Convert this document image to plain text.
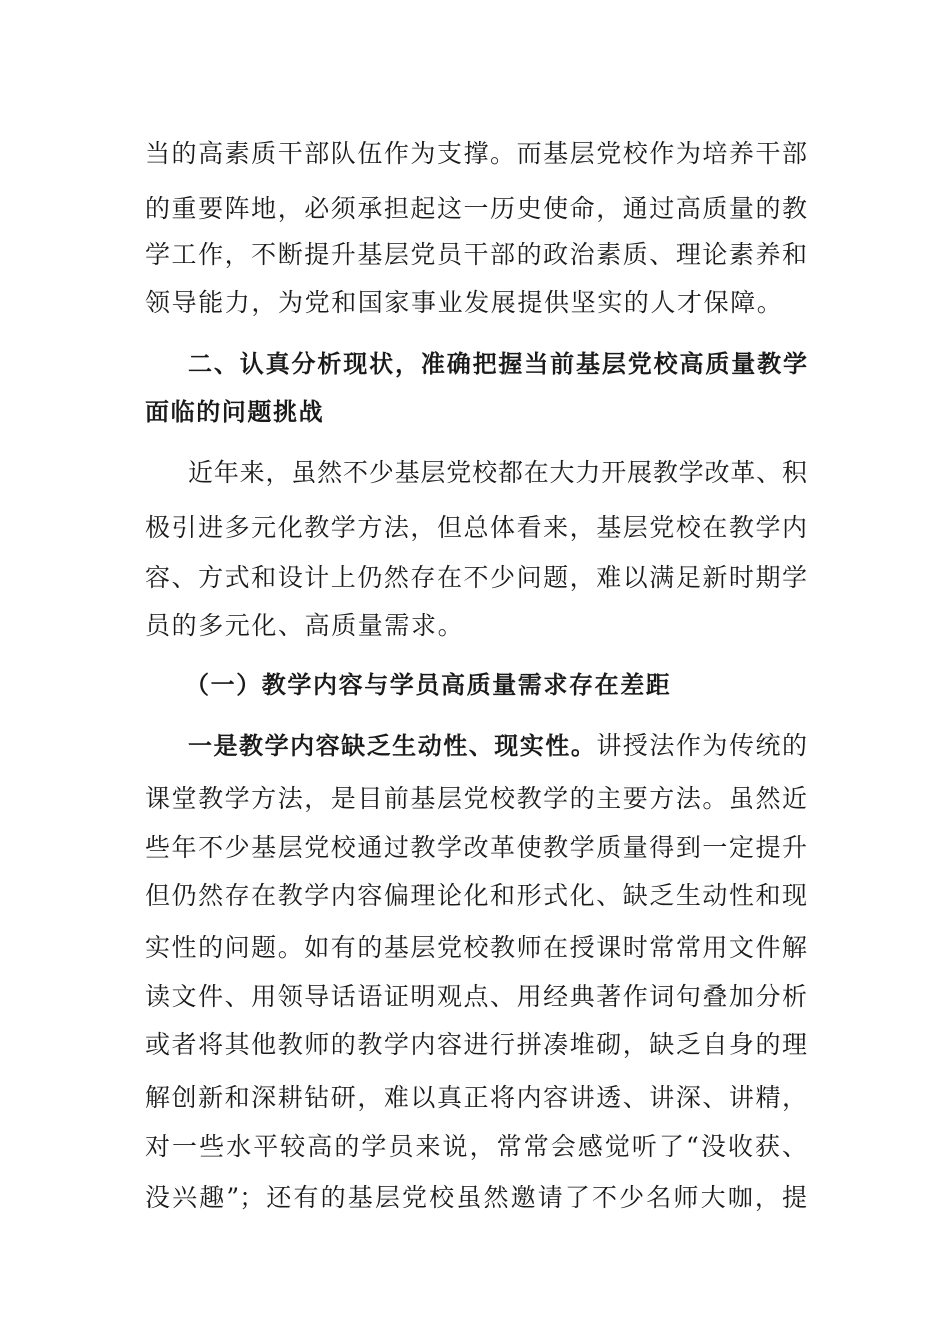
当的高素质干部队伍作为支撑。而基层党校作为培养干部
的重要阵地，必须承担起这一历史使命，通过高质量的教
学工作，不断提升基层党员干部的政治素质、理论素养和
领导能力，为党和国家事业发展提供坚实的人才保障。
二、认真分析现状，准确把握当前基层党校高质量教学
面临的问题挑战
近年来，虽然不少基层党校都在大力开展教学改革、积
极引进多元化教学方法，但总体看来，基层党校在教学内
容、方式和设计上仍然存在不少问题，难以满足新时期学
员的多元化、高质量需求。
（一）教学内容与学员高质量需求存在差距
一是教学内容缺乏生动性、现实性。讲授法作为传统的
课堂教学方法，是目前基层党校教学的主要方法。虽然近
些年不少基层党校通过教学改革使教学质量得到一定提升
但仍然存在教学内容偏理论化和形式化、缺乏生动性和现
实性的问题。如有的基层党校教师在授课时常常用文件解
读文件、用领导话语证明观点、用经典著作词句叠加分析
或者将其他教师的教学内容进行拼凑堆砌，缺乏自身的理
解创新和深耕钻研，难以真正将内容讲透、讲深、讲精，
对一些水平较高的学员来说，常常会感觉听了“没收获、
没兴趣”；还有的基层党校虽然邀请了不少名师大咖，提
